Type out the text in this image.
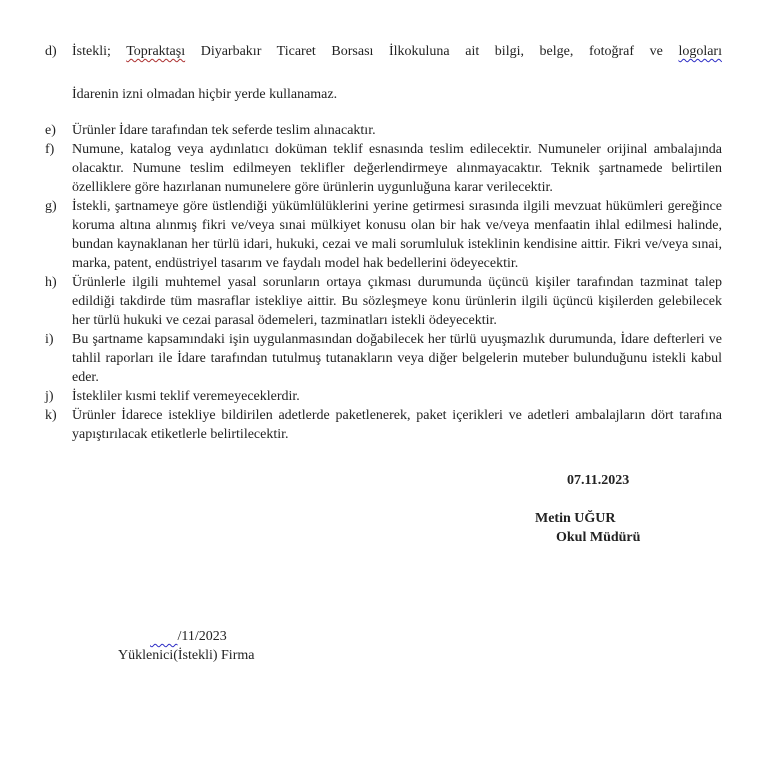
d)	İstekli; Topraktaşı Diyarbakır Ticaret Borsası İlkokuluna ait bilgi, belge, fotoğraf ve logoları
İdarenin izni olmadan hiçbir yerde kullanamaz.
e)	Ürünler İdare tarafından tek seferde teslim alınacaktır.
f)	Numune, katalog veya aydınlatıcı doküman teklif esnasında teslim edilecektir. Numuneler orijinal ambalajında olacaktır. Numune teslim edilmeyen teklifler değerlendirmeye alınmayacaktır. Teknik şartnamede belirtilen özelliklere göre hazırlanan numunelere göre ürünlerin uygunluğuna karar verilecektir.
g)	İstekli, şartnameye göre üstlendiği yükümlülüklerini yerine getirmesi sırasında ilgili mevzuat hükümleri gereğince koruma altına alınmış fikri ve/veya sınai mülkiyet konusu olan bir hak ve/veya menfaatin ihlal edilmesi halinde, bundan kaynaklanan her türlü idari, hukuki, cezai ve mali sorumluluk isteklinin kendisine aittir. Fikri ve/veya sınai, marka, patent, endüstriyel tasarım ve faydalı model hak bedellerini ödeyecektir.
h)	Ürünlerle ilgili muhtemel yasal sorunların ortaya çıkması durumunda üçüncü kişiler tarafından tazminat talep edildiği takdirde tüm masraflar istekliye aittir. Bu sözleşmeye konu ürünlerin ilgili üçüncü kişilerden gelebilecek her türlü hukuki ve cezai parasal ödemeleri, tazminatları istekli ödeyecektir.
i)	Bu şartname kapsamındaki işin uygulanmasından doğabilecek her türlü uyuşmazlık durumunda, İdare defterleri ve tahlil raporları ile İdare tarafından tutulmuş tutanakların veya diğer belgelerin muteber bulunduğunu istekli kabul eder.
j)	İstekliler kısmi teklif veremeyeceklerdir.
k)	Ürünler İdarece istekliye bildirilen adetlerde paketlenerek, paket içerikleri ve adetleri ambalajların dört tarafına yapıştırılacak etiketlerle belirtilecektir.
07.11.2023
Metin UĞUR
Okul Müdürü
/11/2023
Yüklenici(İstekli) Firma
